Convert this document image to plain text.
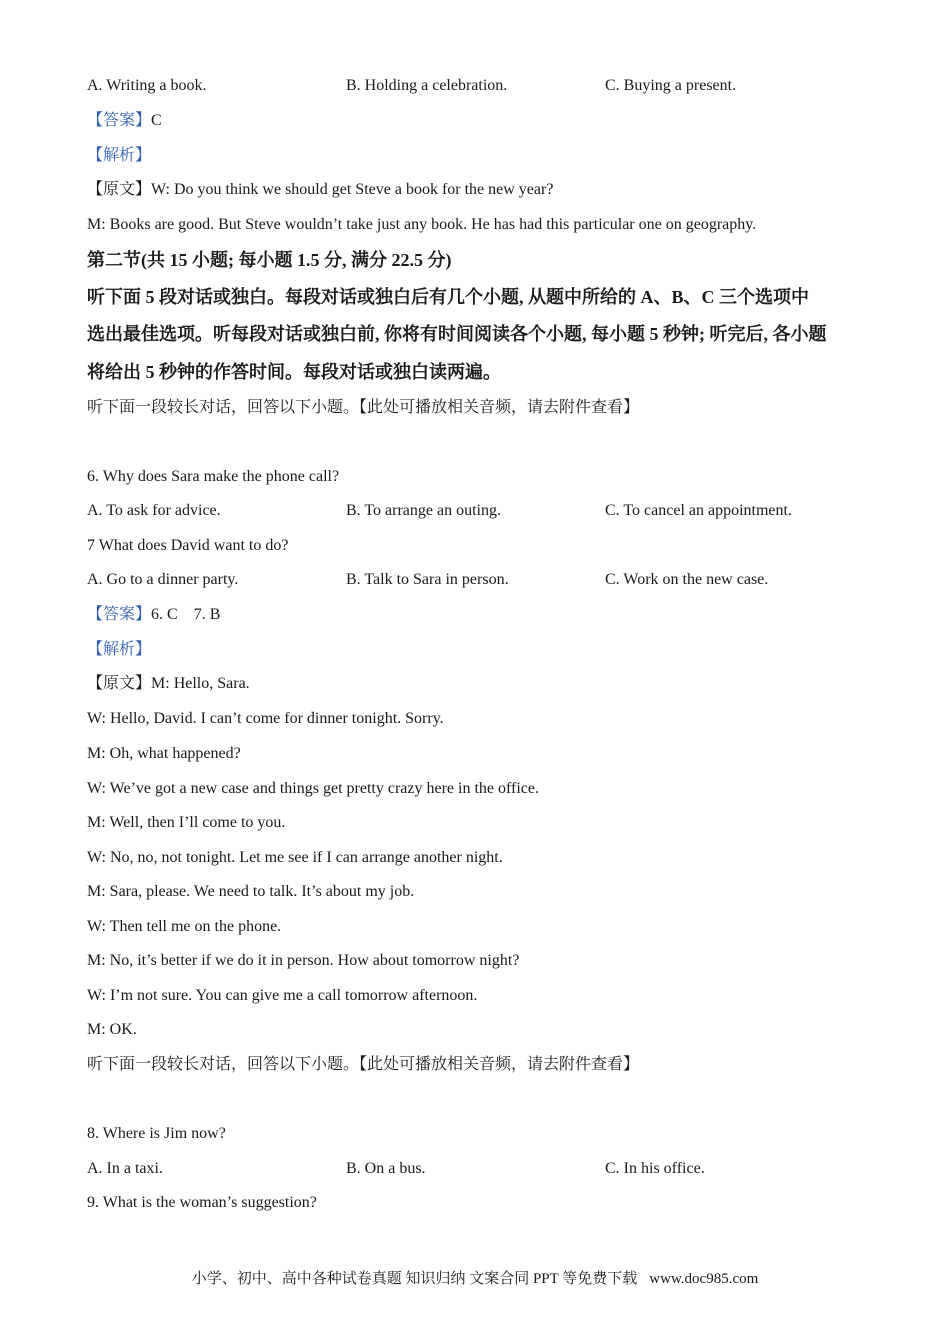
A. Writing a book.	B. Holding a celebration.	C. Buying a present.
【答案】C
【解析】
【原文】W: Do you think we should get Steve a book for the new year?
M: Books are good. But Steve wouldn’t take just any book. He has had this particular one on geography.
第二节(共 15 小题; 每小题 1.5 分, 满分 22.5 分)
听下面 5 段对话或独白。每段对话或独白后有几个小题, 从题中所给的 A、B、C 三个选项中
选出最佳选项。听每段对话或独白前, 你将有时间阅读各个小题, 每小题 5 秒钟; 听完后, 各小题
将给出 5 秒钟的作答时间。每段对话或独白读两遍。
听下面一段较长对话，回答以下小题。【此处可播放相关音频，请去附件查看】
6. Why does Sara make the phone call?
A. To ask for advice.	B. To arrange an outing.	C. To cancel an appointment.
7 What does David want to do?
A. Go to a dinner party.	B. Talk to Sara in person.	C. Work on the new case.
【答案】6. C    7. B
【解析】
【原文】M: Hello, Sara.
W: Hello, David. I can’t come for dinner tonight. Sorry.
M: Oh, what happened?
W: We’ve got a new case and things get pretty crazy here in the office.
M: Well, then I’ll come to you.
W: No, no, not tonight. Let me see if I can arrange another night.
M: Sara, please. We need to talk. It’s about my job.
W: Then tell me on the phone.
M: No, it’s better if we do it in person. How about tomorrow night?
W: I’m not sure. You can give me a call tomorrow afternoon.
M: OK.
听下面一段较长对话，回答以下小题。【此处可播放相关音频，请去附件查看】
8. Where is Jim now?
A. In a taxi.	B. On a bus.	C. In his office.
9. What is the woman’s suggestion?
小学、初中、高中各种试卷真题 知识归纳 文案合同 PPT 等免费下载 www.doc985.com
